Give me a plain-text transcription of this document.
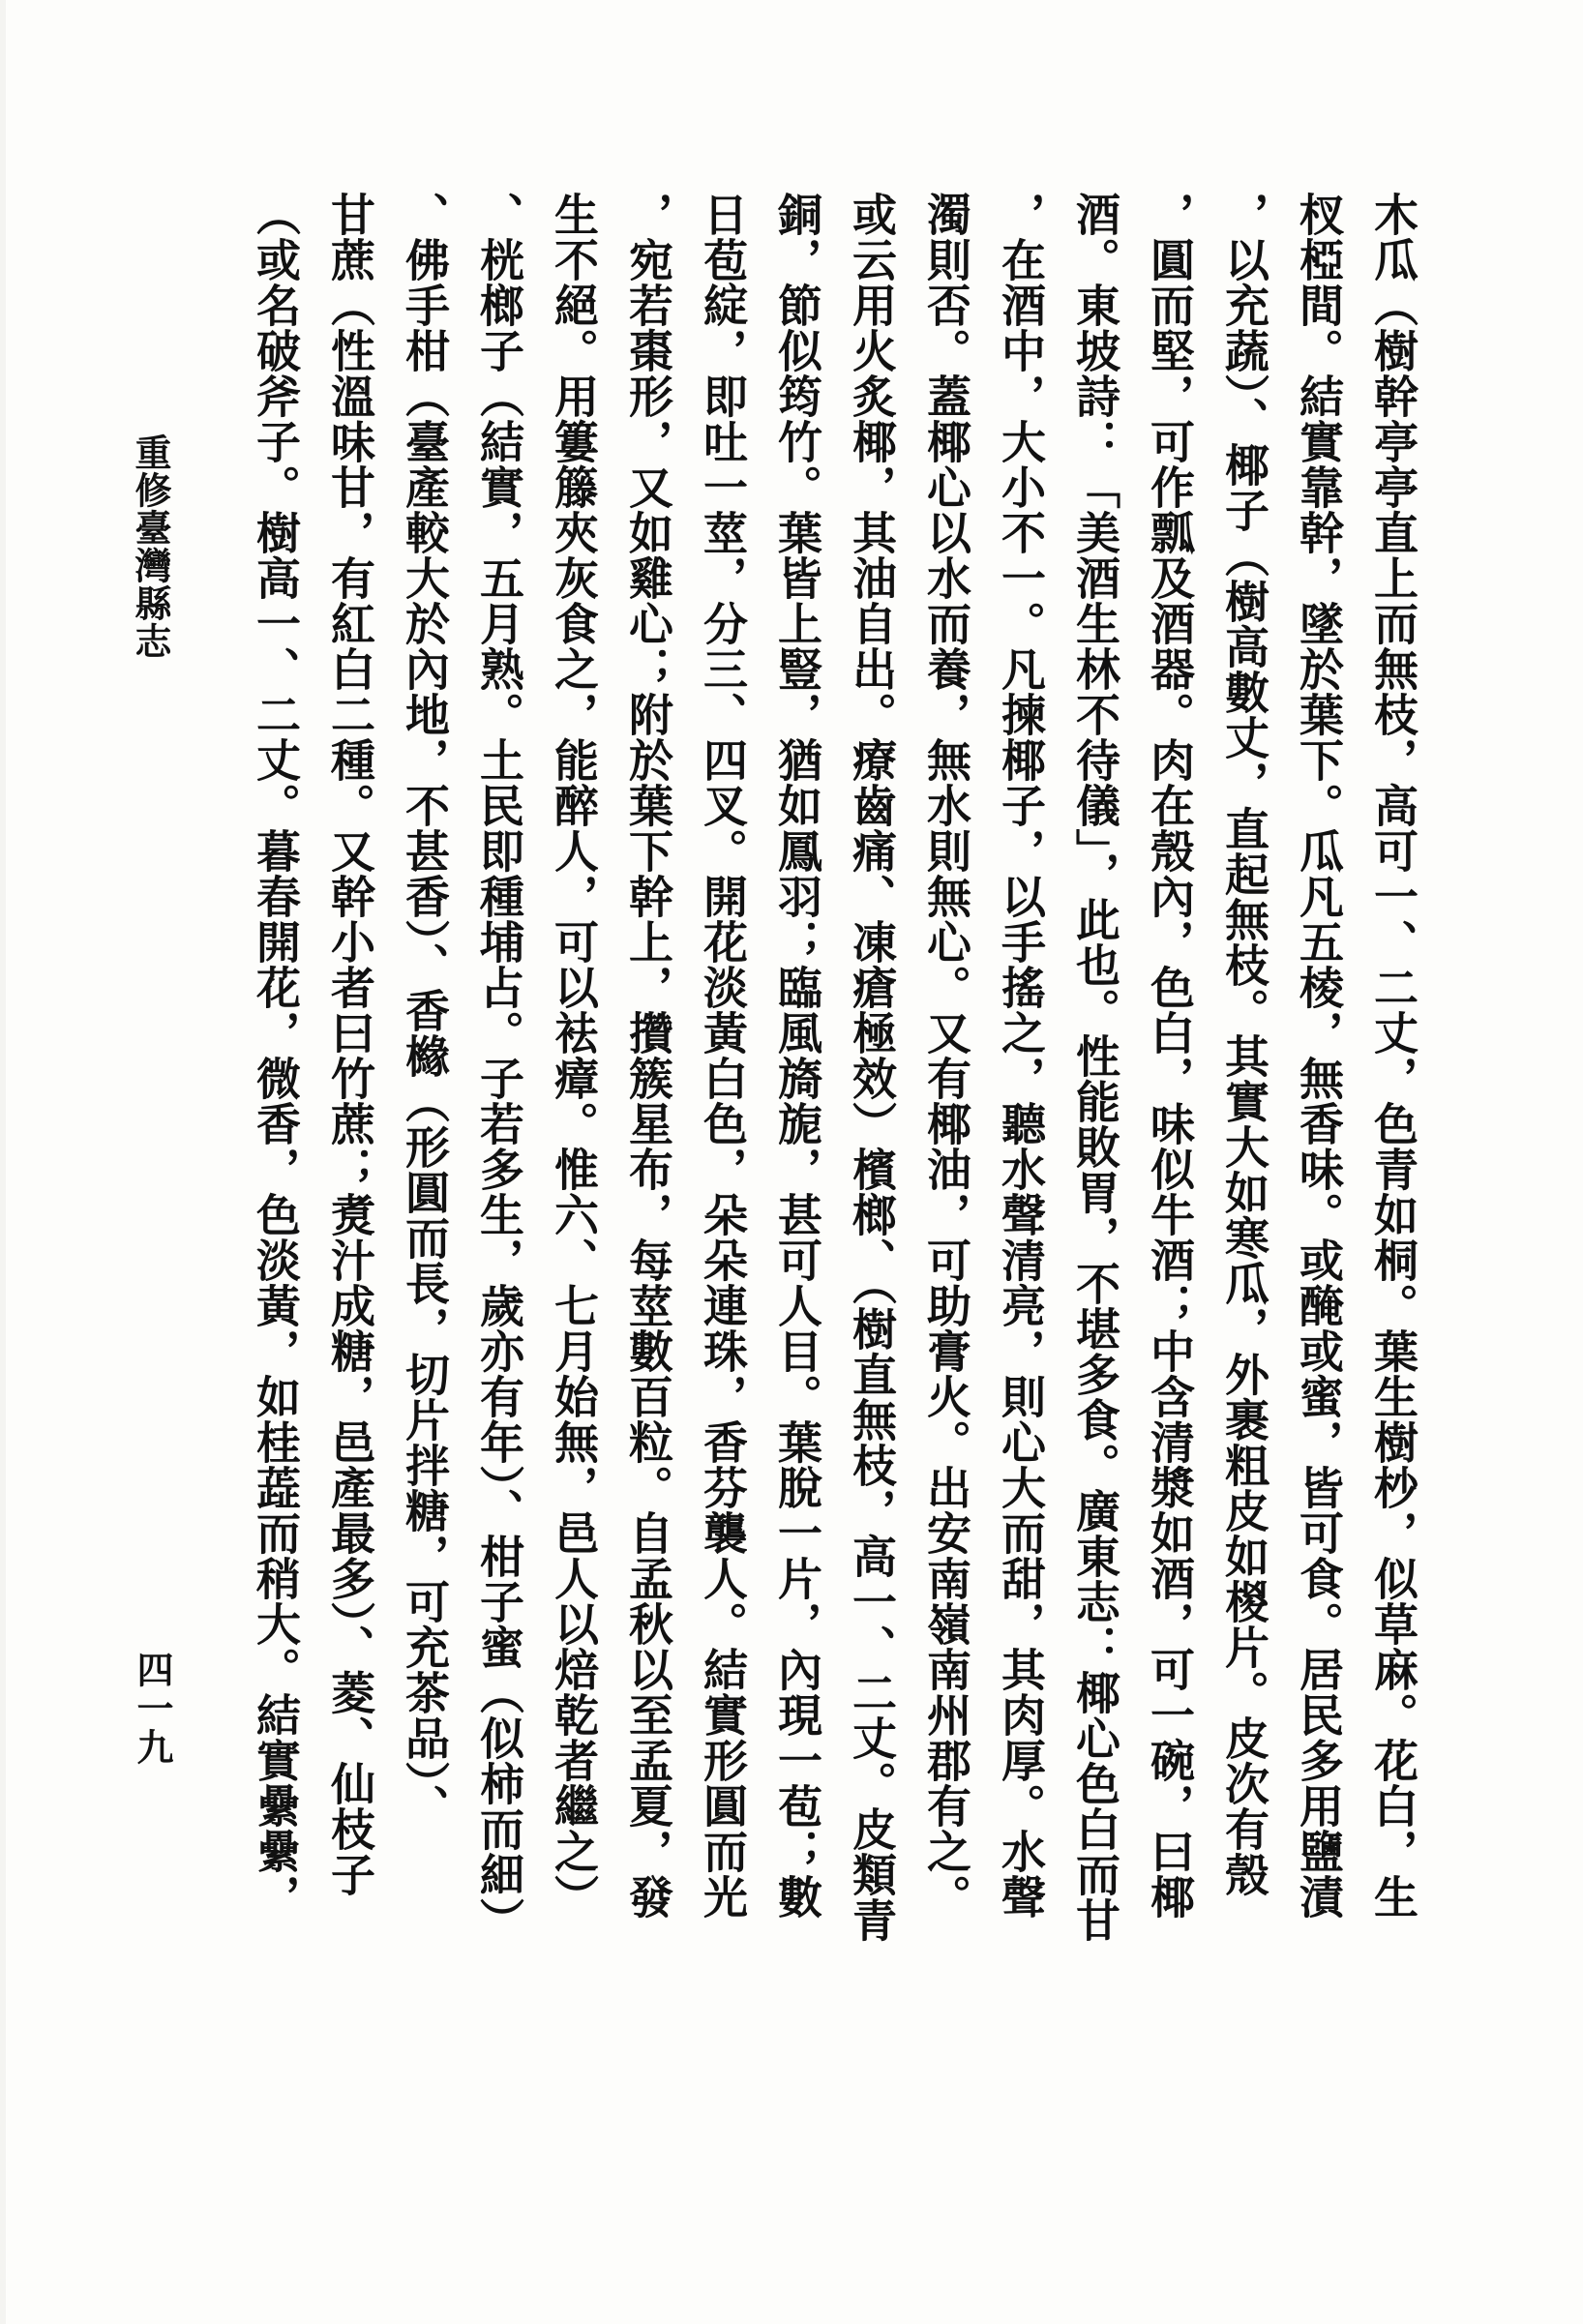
重修臺灣縣志
四一九	木瓜（樹幹亭亭直上而無枝，高可一、二丈，色青如桐。葉生樹杪，似草麻。花白，生
杈椏間。結實靠幹，墜於葉下。瓜凡五棱，無香味。或醃或蜜，皆可食。居民多用鹽漬
，以充蔬）、椰子（樹高數丈，直起無枝。其實大如寒瓜，外裹粗皮如椶片。皮次有殼
，圓而堅，可作瓢及酒器。肉在殼內，色白，味似牛酒；中含清漿如酒，可一碗，曰椰
酒。東坡詩：「美酒生林不待儀」，此也。性能敗胃，不堪多食。廣東志：椰心色白而甘
，在酒中，大小不一。凡揀椰子，以手搖之，聽水聲清亮，則心大而甜，其肉厚。水聲
濁則否。蓋椰心以水而養，無水則無心。又有椰油，可助膏火。出安南嶺南州郡有之。
或云用火炙椰，其油自出。療齒痛、凍瘡極效）檳榔、（樹直無枝，高一、二丈。皮類青
銅，節似筠竹。葉皆上豎，猶如鳳羽；臨風旖旎，甚可人目。葉脫一片，內現一苞；數
日苞綻，即吐一莖，分三、四叉。開花淡黃白色，朵朵連珠，香芬襲人。結實形圓而光
，宛若棗形，又如雞心；附於葉下幹上，攢簇星布，每莖數百粒。自孟秋以至孟夏，發
生不絕。用簍籐夾灰食之，能醉人，可以袪瘴。惟六、七月始無，邑人以焙乾者繼之）
、桄榔子（結實，五月熟。土民即種埔占。子若多生，歲亦有年）、柑子蜜（似柿而細）
、佛手柑（臺產較大於內地，不甚香）、香櫞（形圓而長，切片拌糖，可充茶品）、
甘蔗（性溫味甘，有紅白二種。又幹小者曰竹蔗；煑汁成糖，邑產最多）、菱、仙枝子
（或名破斧子。樹高一、二丈。暮春開花，微香，色淡黃，如桂蕋而稍大。結實纍纍，
